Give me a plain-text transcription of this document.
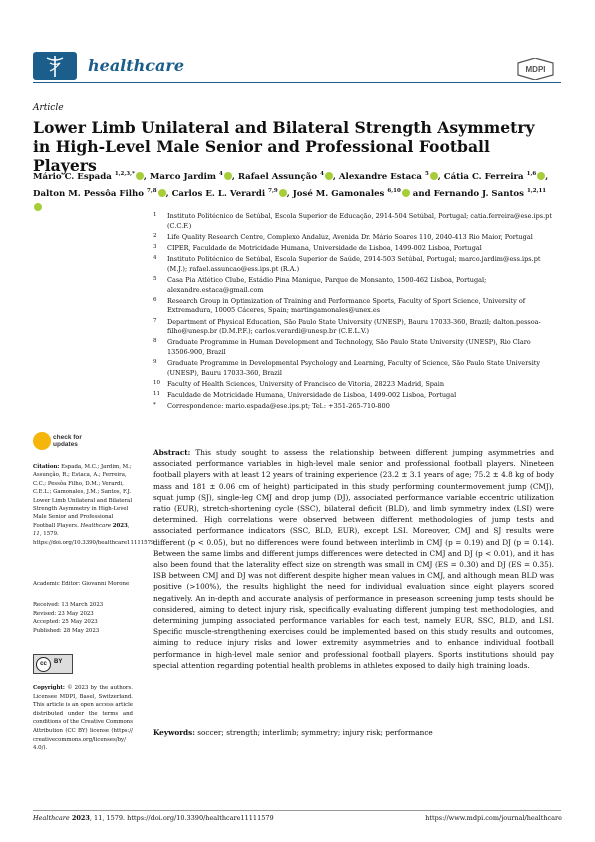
healthcare	MDPI
Article
Lower Limb Unilateral and Bilateral Strength Asymmetry in High-Level Male Senior and Professional Football Players
Mário C. Espada $^{1,2,3,*}$ , Marco Jardim $^4$ , Rafael Assunção $^4$ , Alexandre Estaca $^5$ , Cátia C. Ferreira $^{1,6}$ , Dalton M. Pessôa Filho $^{7,8}$ , Carlos E. L. Verardi $^{7,9}$ , José M. Gamonales $^{6,10}$ and Fernando J. Santos $^{1,2,11}$
1 Instituto Politécnico de Setúbal, Escola Superior de Educação, 2914-504 Setúbal, Portugal; catia.ferreira@ese.ips.pt (C.C.F.)
2 Life Quality Research Centre, Complexo Andaluz, Avenida Dr. Mário Soares 110, 2040-413 Rio Maior, Portugal
3 CIPER, Faculdade de Motricidade Humana, Universidade de Lisboa, 1499-002 Lisboa, Portugal
4 Instituto Politécnico de Setúbal, Escola Superior de Saúde, 2914-503 Setúbal, Portugal; marco.jardim@ess.ips.pt (M.J.); rafael.assuncao@ess.ips.pt (R.A.)
5 Casa Pia Atlético Clube, Estádio Pina Manique, Parque de Monsanto, 1500-462 Lisboa, Portugal; alexandre.estaca@gmail.com
6 Research Group in Optimization of Training and Performance Sports, Faculty of Sport Science, University of Extremadura, 10005 Cáceres, Spain; martingamonales@unex.es
7 Department of Physical Education, São Paulo State University (UNESP), Bauru 17033-360, Brazil; dalton.pessoa-filho@unesp.br (D.M.P.F.); carlos.verardi@unesp.br (C.E.L.V.)
8 Graduate Programme in Human Development and Technology, São Paulo State University (UNESP), Rio Claro 13506-900, Brazil
9 Graduate Programme in Developmental Psychology and Learning, Faculty of Science, São Paulo State University (UNESP), Bauru 17033-360, Brazil
10 Faculty of Health Sciences, University of Francisco de Vitoria, 28223 Madrid, Spain
11 Faculdade de Motricidade Humana, Universidade de Lisboa, 1499-002 Lisboa, Portugal
* Correspondence: mario.espada@ese.ips.pt; Tel.: +351-265-710-800
check for
updates
Citation: Espada, M.C.; Jardim, M.; Assunção, R.; Estaca, A.; Ferreira, C.C.; Pessôa Filho, D.M.; Verardi, C.E.L.; Gamonales, J.M.; Santos, F.J. Lower Limb Unilateral and Bilateral Strength Asymmetry in High-Level Male Senior and Professional Football Players. Healthcare 2023, 11, 1579. https://doi.org/10.3390/healthcare11111579
Academic Editor: Giovanni Morone
Received: 13 March 2023
Revised: 23 May 2023
Accepted: 25 May 2023
Published: 28 May 2023
cc	BY
Copyright: © 2023 by the authors. Licensee MDPI, Basel, Switzerland. This article is an open access article distributed under the terms and conditions of the Creative Commons Attribution (CC BY) license (https:// creativecommons.org/licenses/by/ 4.0/).
Abstract: This study sought to assess the relationship between different jumping asymmetries and associated performance variables in high-level male senior and professional football players. Nineteen football players with at least 12 years of training experience (23.2 ± 3.1 years of age; 75.2 ± 4.8 kg of body mass and 181 ± 0.06 cm of height) participated in this study performing countermovement jump (CMJ), squat jump (SJ), single-leg CMJ and drop jump (DJ), associated performance variable eccentric utilization ratio (EUR), stretch-shortening cycle (SSC), bilateral deficit (BLD), and limb symmetry index (LSI) were determined. High correlations were observed between different methodologies of jump tests and associated performance indicators (SSC, BLD, EUR), except LSI. Moreover, CMJ and SJ results were different (p < 0.05), but no differences were found between interlimb in CMJ (p = 0.19) and DJ (p = 0.14). Between the same limbs and different jumps differences were detected in CMJ and DJ (p < 0.01), and it has also been found that the laterality effect size on strength was small in CMJ (ES = 0.30) and DJ (ES = 0.35). ISB between CMJ and DJ was not different despite higher mean values in CMJ, and although mean BLD was positive (>100%), the results highlight the need for individual evaluation since eight players scored negatively. An in-depth and accurate analysis of performance in preseason screening jump tests should be considered, aiming to detect injury risk, specifically evaluating different jumping test methodologies, and determining jumping associated performance variables for each test, namely EUR, SSC, BLD, and LSI. Specific muscle-strengthening exercises could be implemented based on this study results and outcomes, aiming to reduce injury risks and lower extremity asymmetries and to enhance individual football performance in high-level male senior and professional football players. Sports institutions should pay special attention regarding potential health problems in athletes exposed to daily high training loads.
Keywords: soccer; strength; interlimb; symmetry; injury risk; performance
Healthcare 2023, 11, 1579. https://doi.org/10.3390/healthcare11111579	https://www.mdpi.com/journal/healthcare
